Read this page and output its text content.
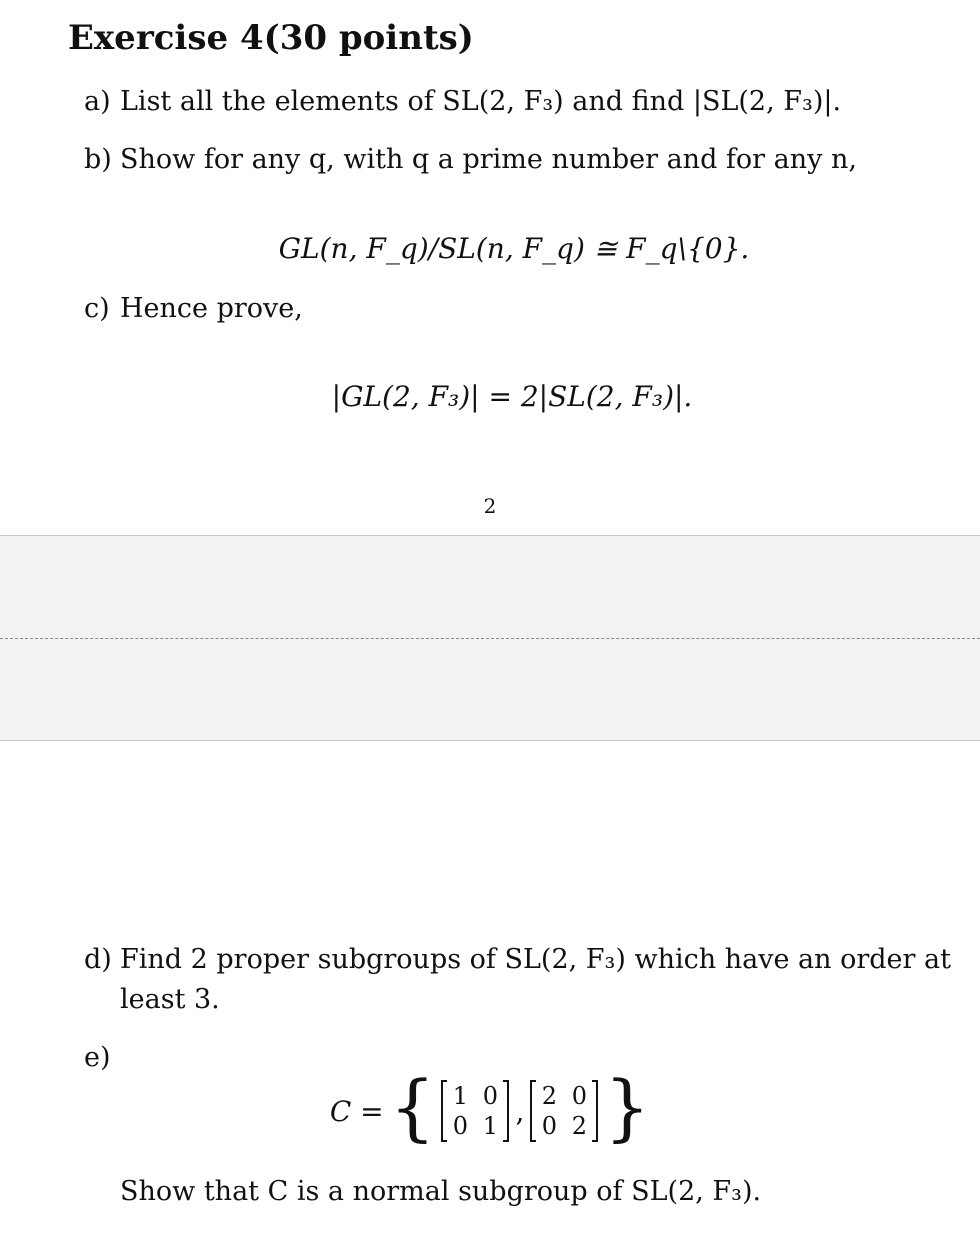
Exercise 4(30 points)
a) List all the elements of SL(2, F₃) and find |SL(2, F₃)|.
b) Show for any q, with q a prime number and for any n,
GL(n, F_q)/SL(n, F_q) ≅ F_q\{0}.
c) Hence prove,
|GL(2, F₃)| = 2|SL(2, F₃)|.
2
d) Find 2 proper subgroups of SL(2, F₃) which have an order at
least 3.
e)
C = { 1 0
0 1 , 2 0
0 2 }
Show that C is a normal subgroup of SL(2, F₃).
